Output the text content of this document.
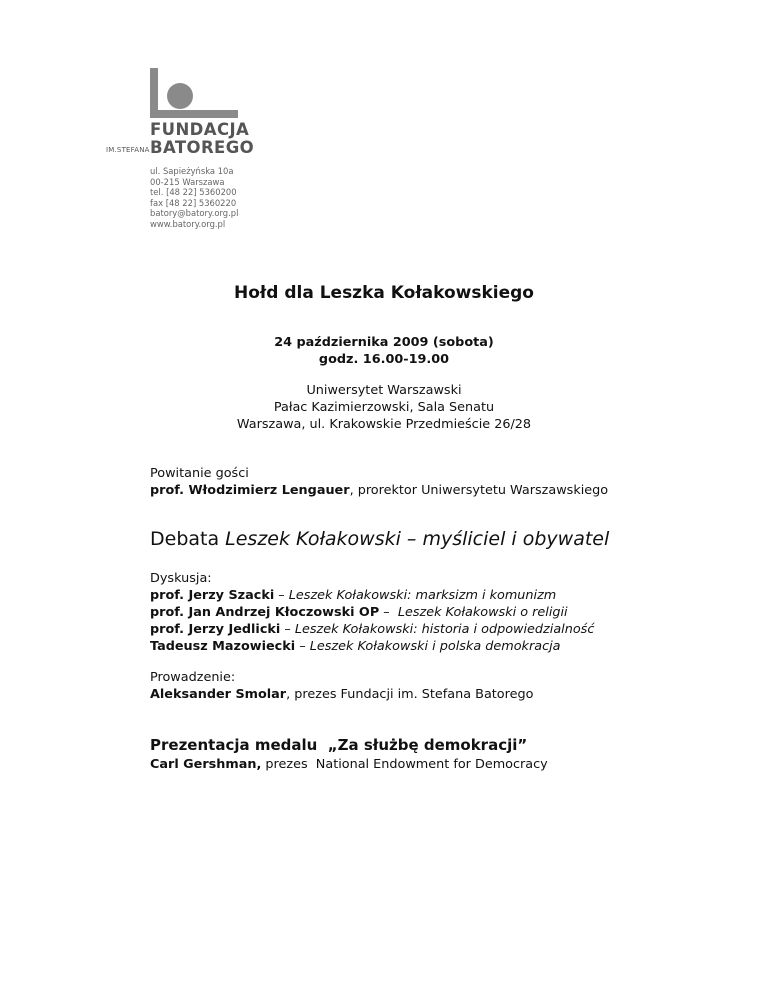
FUNDACJA
IM.STEFANA BATOREGO
ul. Sapieżyńska 10a
00-215 Warszawa
tel. [48 22] 5360200
fax [48 22] 5360220
batory@batory.org.pl
www.batory.org.pl
Hołd dla Leszka Kołakowskiego
24 października 2009 (sobota)
godz. 16.00-19.00
Uniwersytet Warszawski
Pałac Kazimierzowski, Sala Senatu
Warszawa, ul. Krakowskie Przedmieście 26/28
Powitanie gości
prof. Włodzimierz Lengauer, prorektor Uniwersytetu Warszawskiego
Debata Leszek Kołakowski – myśliciel i obywatel
Dyskusja:
prof. Jerzy Szacki – Leszek Kołakowski: marksizm i komunizm
prof. Jan Andrzej Kłoczowski OP –  Leszek Kołakowski o religii
prof. Jerzy Jedlicki – Leszek Kołakowski: historia i odpowiedzialność
Tadeusz Mazowiecki – Leszek Kołakowski i polska demokracja
Prowadzenie:
Aleksander Smolar, prezes Fundacji im. Stefana Batorego
Prezentacja medalu  „Za służbę demokracji”
Carl Gershman, prezes  National Endowment for Democracy
